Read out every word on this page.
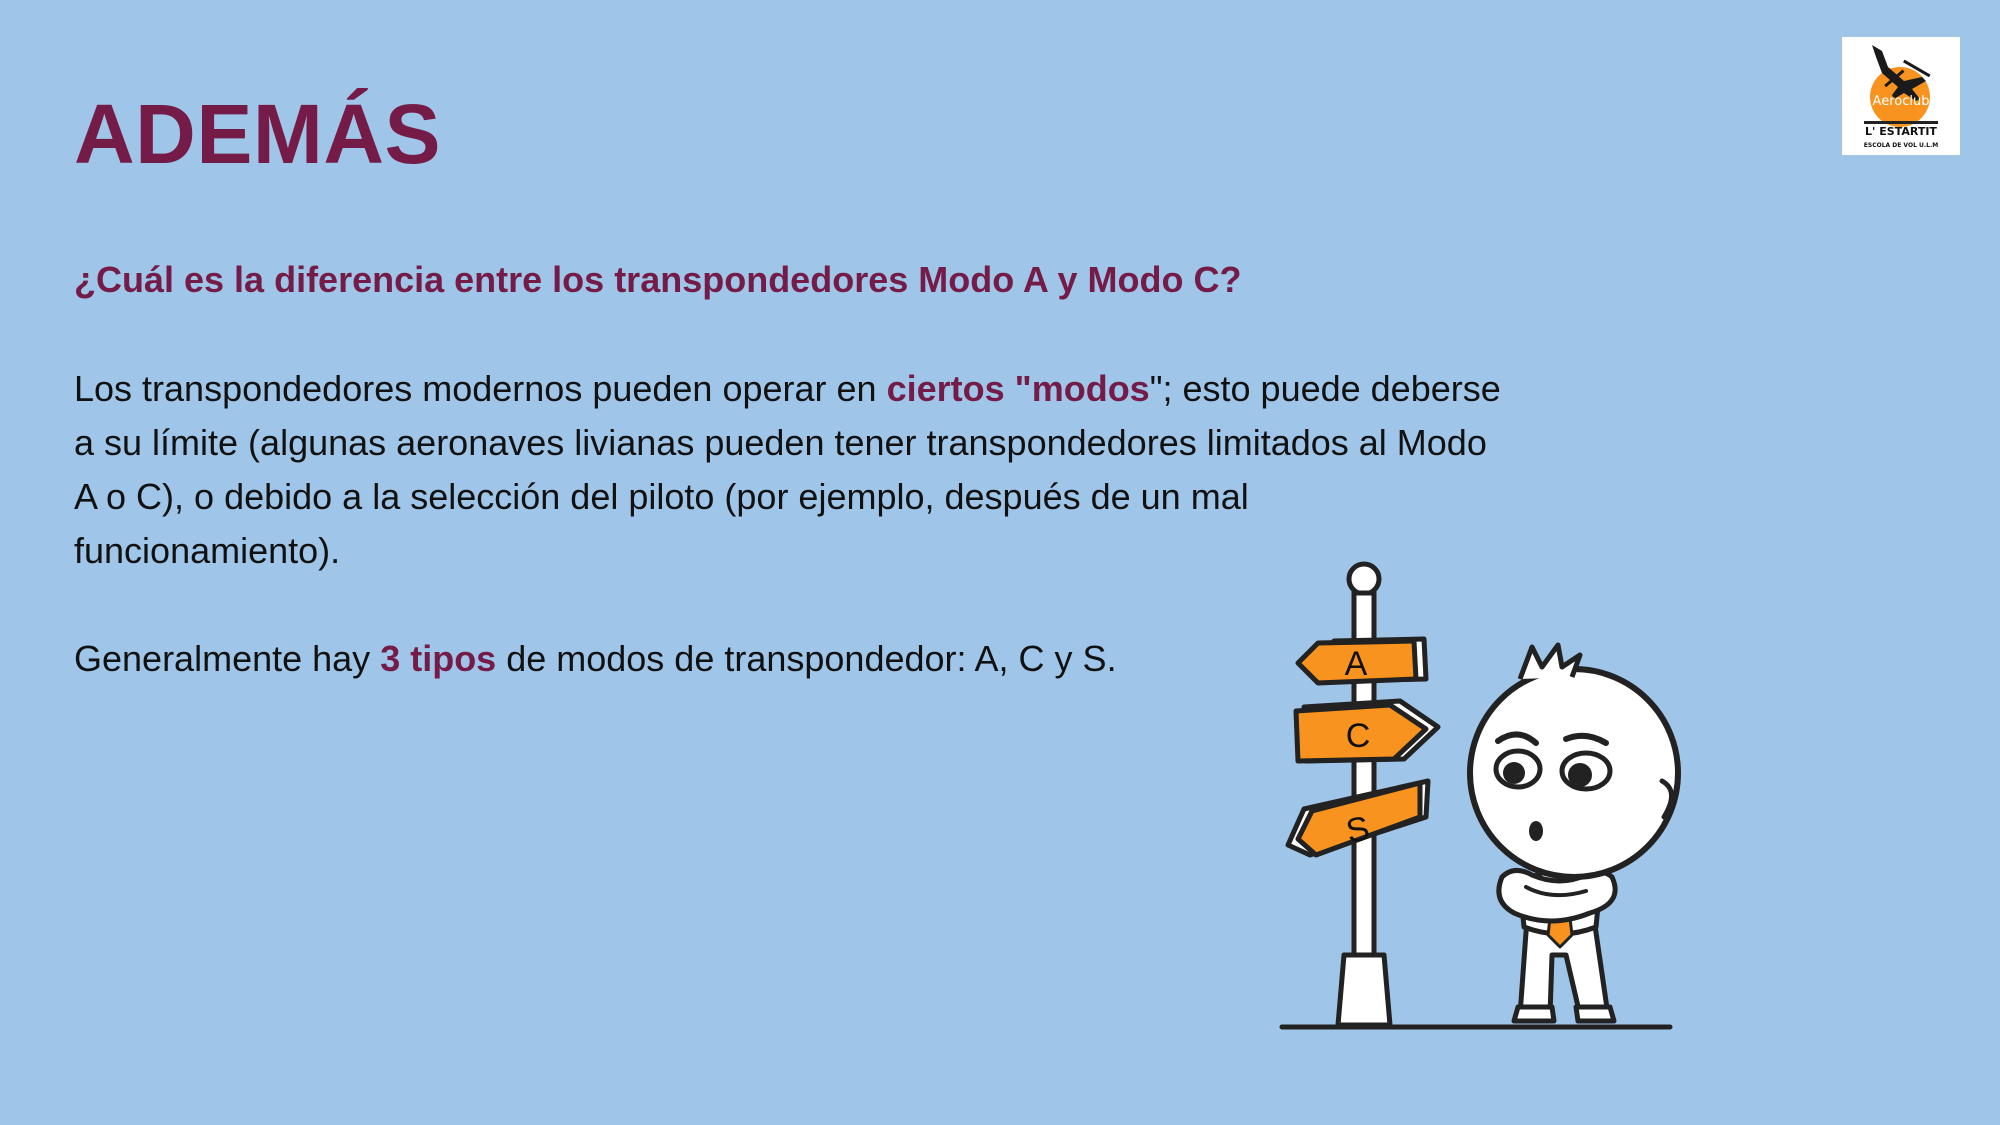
ADEMÁS
¿Cuál es la diferencia entre los transpondedores Modo A y Modo C?

Los transpondedores modernos pueden operar en ciertos "modos"; esto puede deberse a su límite (algunas aeronaves livianas pueden tener transpondedores limitados al Modo A o C), o debido a la selección del piloto (por ejemplo, después de un mal funcionamiento).

Generalmente hay 3 tipos de modos de transpondedor: A, C y S.

Aeroclub
L' ESTARTIT
ESCOLA DE VOL U.L.M
A
C
S
